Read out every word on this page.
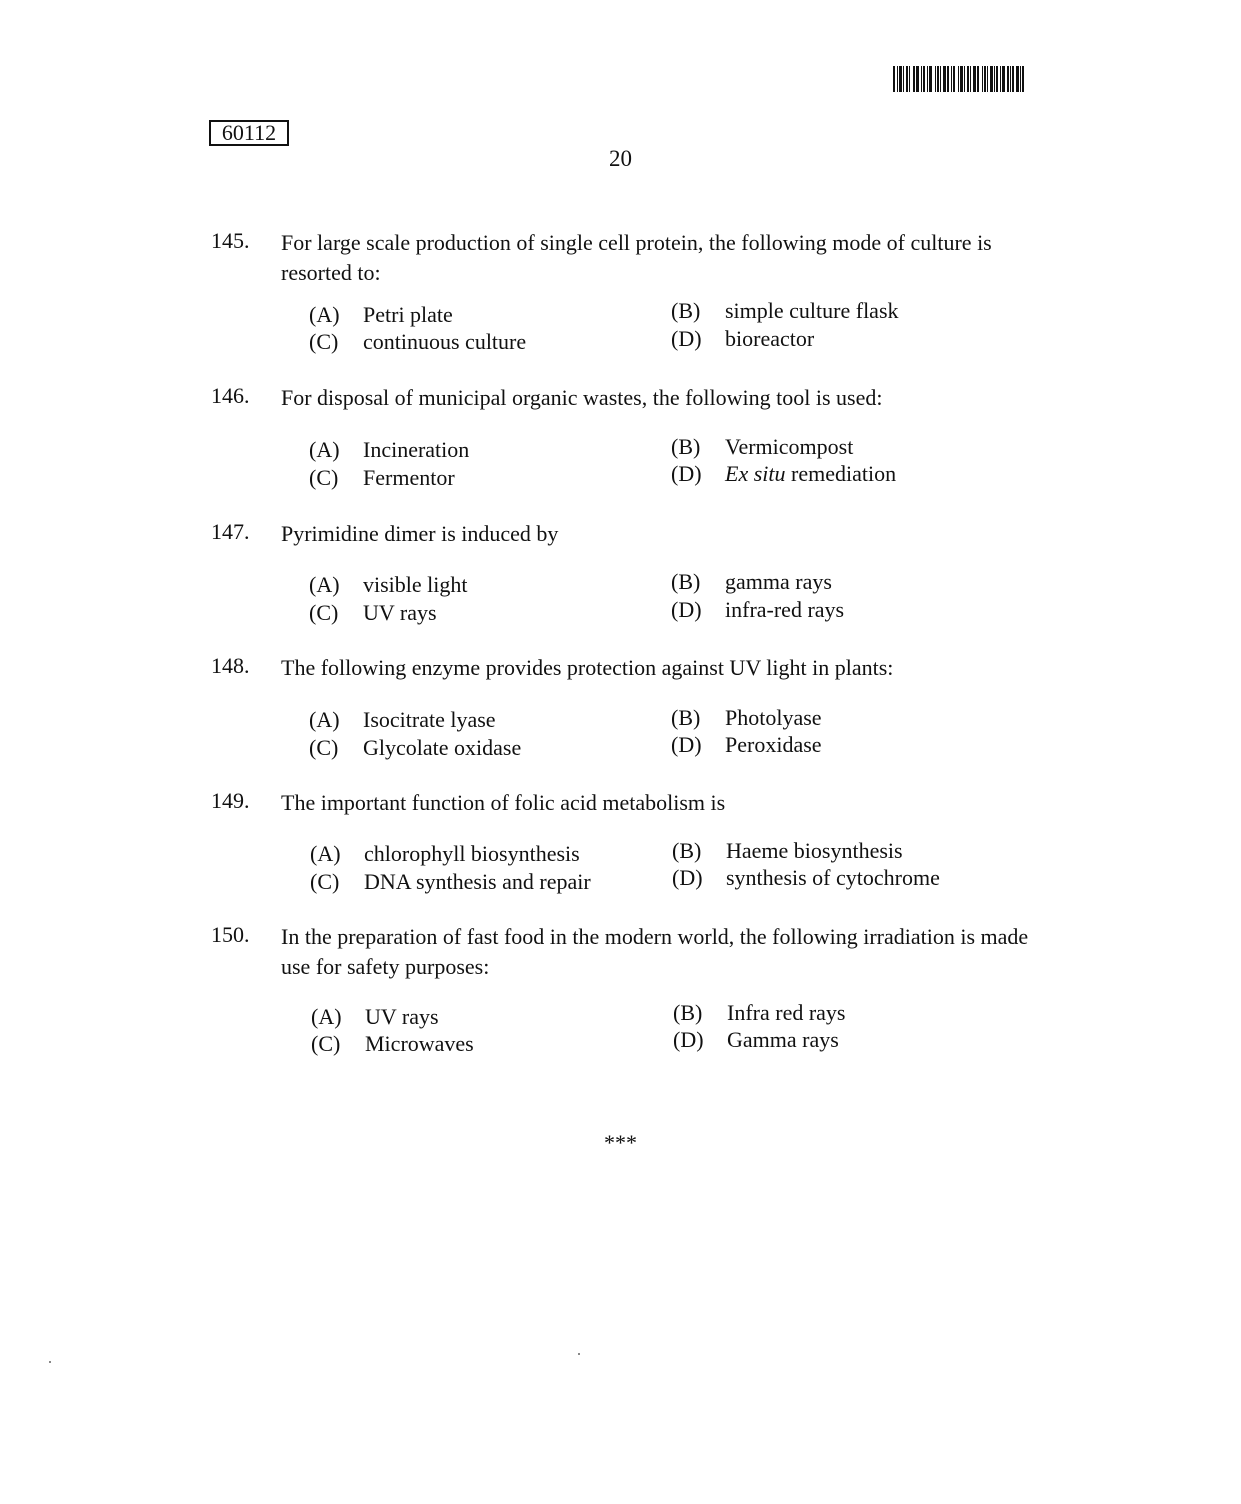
60112
20
145. For large scale production of single cell protein, the following mode of culture is resorted to:
(A) Petri plate	(B) simple culture flask
(C) continuous culture	(D) bioreactor
146. For disposal of municipal organic wastes, the following tool is used:
(A) Incineration	(B) Vermicompost
(C) Fermentor	(D) Ex situ remediation
147. Pyrimidine dimer is induced by
(A) visible light	(B) gamma rays
(C) UV rays	(D) infra-red rays
148. The following enzyme provides protection against UV light in plants:
(A) Isocitrate lyase	(B) Photolyase
(C) Glycolate oxidase	(D) Peroxidase
149. The important function of folic acid metabolism is
(A) chlorophyll biosynthesis	(B) Haeme biosynthesis
(C) DNA synthesis and repair	(D) synthesis of cytochrome
150. In the preparation of fast food in the modern world, the following irradiation is made use for safety purposes:
(A) UV rays	(B) Infra red rays
(C) Microwaves	(D) Gamma rays
***
